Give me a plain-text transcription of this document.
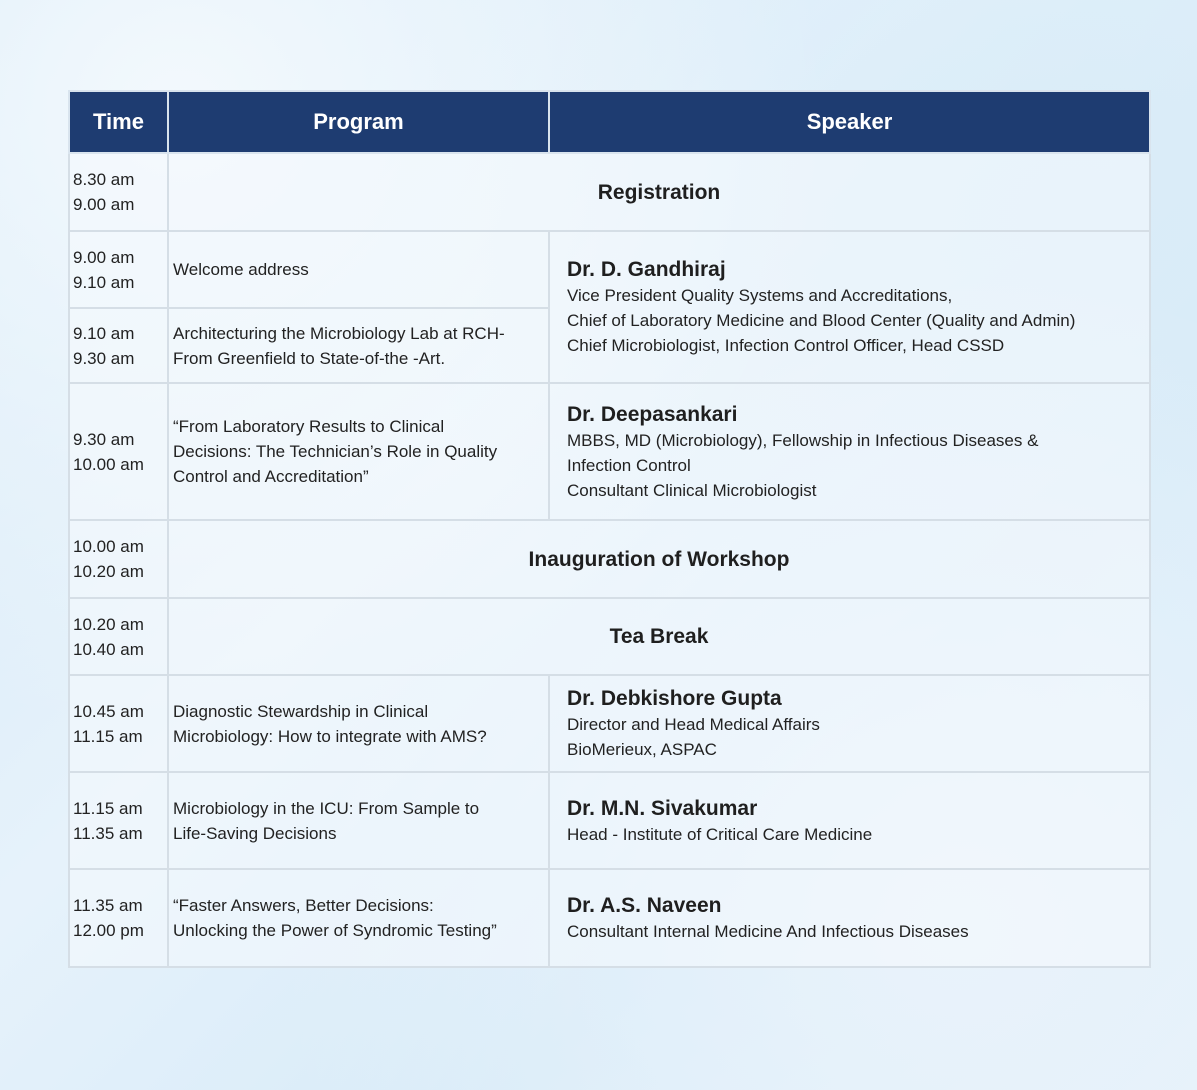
Time	Program	Speaker

8.30 am
9.00 am	Registration	

9.00 am
9.10 am	Welcome address	Dr. D. Gandhiraj
Vice President Quality Systems and Accreditations,
Chief of Laboratory Medicine and Blood Center (Quality and Admin)
Chief Microbiologist, Infection Control Officer, Head CSSD

9.10 am
9.30 am	Architecturing the Microbiology Lab at RCH-
From Greenfield to State-of-the -Art.	

9.30 am
10.00 am	“From Laboratory Results to Clinical
Decisions: The Technician’s Role in Quality
Control and Accreditation”	Dr. Deepasankari
MBBS, MD (Microbiology), Fellowship in Infectious Diseases &
Infection Control
Consultant Clinical Microbiologist

10.00 am
10.20 am	Inauguration of Workshop	

10.20 am
10.40 am	Tea Break	

10.45 am
11.15 am	Diagnostic Stewardship in Clinical
Microbiology: How to integrate with AMS?	Dr. Debkishore Gupta
Director and Head Medical Affairs
BioMerieux, ASPAC

11.15 am
11.35 am	Microbiology in the ICU: From Sample to
Life-Saving Decisions	Dr. M.N. Sivakumar
Head - Institute of Critical Care Medicine

11.35 am
12.00 pm	“Faster Answers, Better Decisions:
Unlocking the Power of Syndromic Testing”	Dr. A.S. Naveen
Consultant Internal Medicine And Infectious Diseases
